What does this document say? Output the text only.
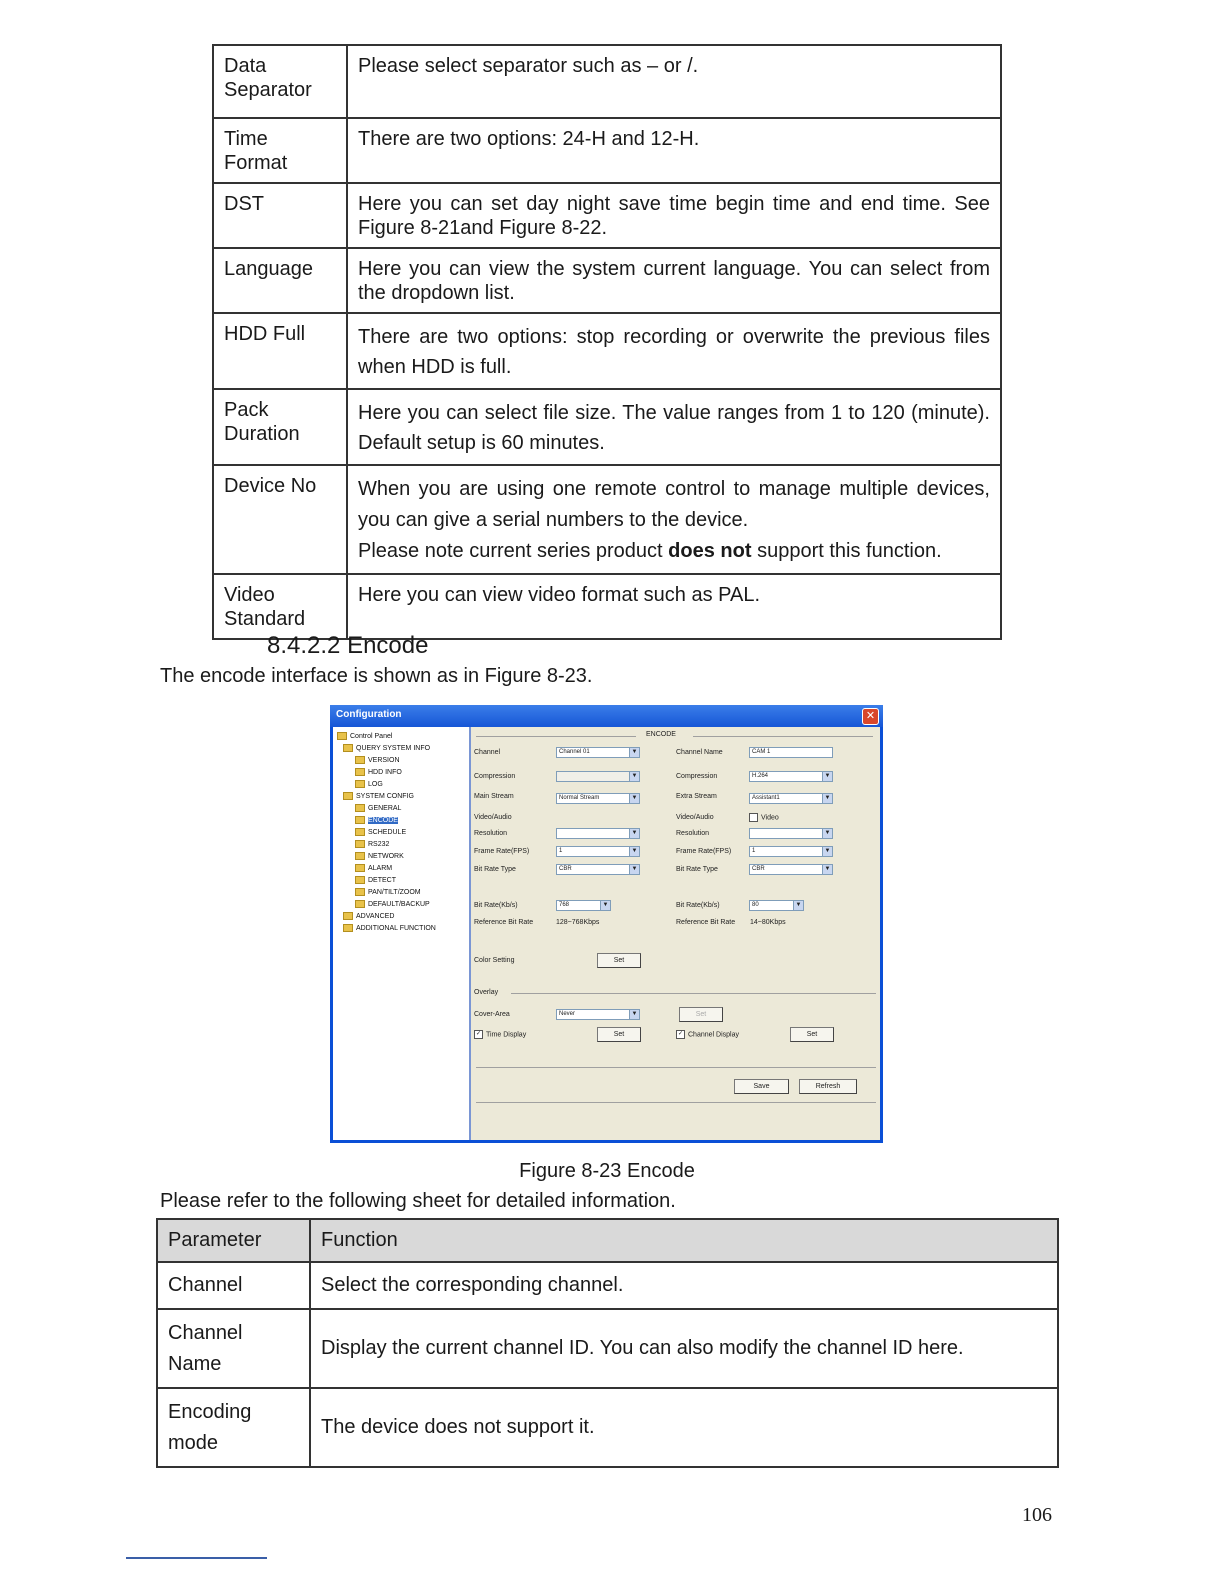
Data Separator	Please select separator such as – or /.
Time Format	There are two options: 24-H and 12-H.
DST	Here you can set day night save time begin time and end time. See Figure 8-21and Figure 8-22.
Language	Here you can view the system current language. You can select from the dropdown list.
HDD Full	There are two options: stop recording or overwrite the previous files when HDD is full.
Pack Duration	Here you can select file size. The value ranges from 1 to 120 (minute). Default setup is 60 minutes.
Device No	When you are using one remote control to manage multiple devices, you can give a serial numbers to the device.
Please note current series product does not support this function.
Video Standard	Here you can view video format such as PAL.
8.4.2.2 Encode
The encode interface is shown as in Figure 8-23.
Configuration	✕
Control Panel
QUERY SYSTEM INFO
VERSION
HDD INFO
LOG
SYSTEM CONFIG
GENERAL
ENCODE
SCHEDULE
RS232
NETWORK
ALARM
DETECT
PAN/TILT/ZOOM
DEFAULT/BACKUP
ADVANCED
ADDITIONAL FUNCTION
ENCODE
Channel	Channel 01	▼
Compression	▼
Main Stream	Normal Stream	▼
Video/Audio
Resolution	▼
Frame Rate(FPS)	1	▼
Bit Rate Type	CBR	▼
Bit Rate(Kb/s)	768	▼
Reference Bit Rate	128~768Kbps
Channel Name	CAM 1
Compression	H.264	▼
Extra Stream	Assistant1	▼
Video/Audio	Video
Resolution	▼
Frame Rate(FPS)	1	▼
Bit Rate Type	CBR	▼
Bit Rate(Kb/s)	80	▼
Reference Bit Rate 14~80Kbps
Color Setting	Set
Overlay
Cover-Area	Never	▼	Set
✓ Time Display	Set	✓ Channel Display	Set
Save	Refresh
Figure 8-23 Encode
Please refer to the following sheet for detailed information.
Parameter	Function
Channel	Select the corresponding channel.
Channel Name	Display the current channel ID. You can also modify the channel ID here.
Encoding mode	The device does not support it.
106
